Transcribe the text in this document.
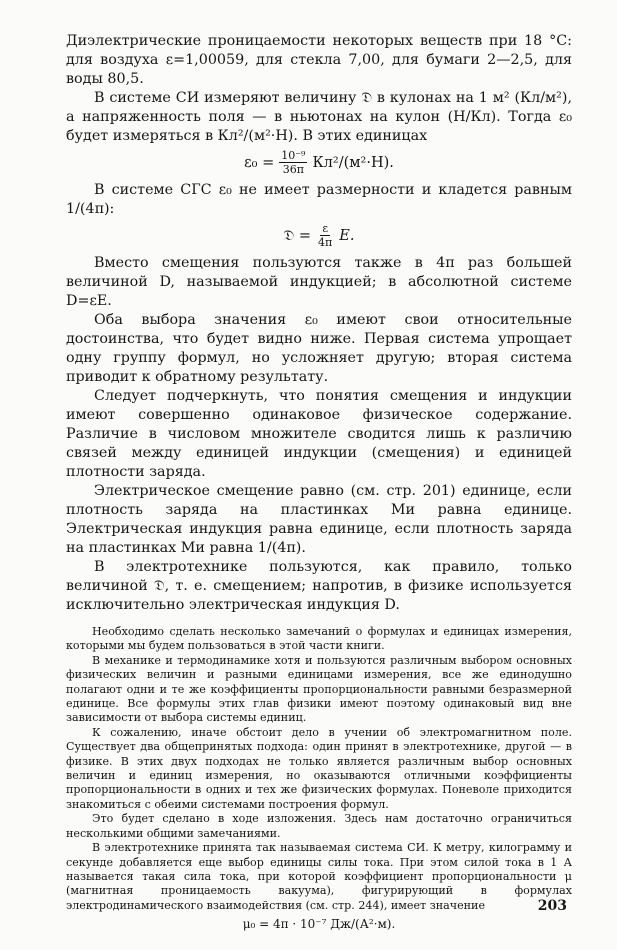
Диэлектрические проницаемости некоторых веществ при 18 °С: для воздуха ε=1,00059, для стекла 7,00, для бумаги 2—2,5, для воды 80,5.

В системе СИ измеряют величину 𝔇 в кулонах на 1 м² (Кл/м²), а напряженность поля — в ньютонах на кулон (Н/Кл). Тогда ε₀ будет измеряться в Кл²/(м²·Н). В этих единицах

$\varepsilon_0 = \frac{\text{10⁻⁹}}{36\pi} Кл^2/(м^2\cdot Н)$.

В системе СГС ε₀ не имеет размерности и кладется равным 1/(4π):

𝔇 = $\frac{\varepsilon}{4\pi} E$.

Вместо смещения пользуются также в 4π раз большей величиной D, называемой индукцией; в абсолютной системе D=εE.

Оба выбора значения ε₀ имеют свои относительные достоинства, что будет видно ниже. Первая система упрощает одну группу формул, но усложняет другую; вторая система приводит к обратному результату.

Следует подчеркнуть, что понятия смещения и индукции имеют совершенно одинаковое физическое содержание. Различие в числовом множителе сводится лишь к различию связей между единицей индукции (смещения) и единицей плотности заряда.

Электрическое смещение равно (см. стр. 201) единице, если плотность заряда на пластинках Ми равна единице. Электрическая индукция равна единице, если плотность заряда на пластинках Ми равна 1/(4π).

В электротехнике пользуются, как правило, только величиной 𝔇, т. е. смещением; напротив, в физике используется исключительно электрическая индукция D.

Необходимо сделать несколько замечаний о формулах и единицах измерения, которыми мы будем пользоваться в этой части книги.

В механике и термодинамике хотя и пользуются различным выбором основных физических величин и разными единицами измерения, все же единодушно полагают одни и те же коэффициенты пропорциональности равными безразмерной единице. Все формулы этих глав физики имеют поэтому одинаковый вид вне зависимости от выбора системы единиц.

К сожалению, иначе обстоит дело в учении об электромагнитном поле. Существует два общепринятых подхода: один принят в электротехнике, другой — в физике. В этих двух подходах не только является различным выбор основных величин и единиц измерения, но оказываются отличными коэффициенты пропорциональности в одних и тех же физических формулах. Поневоле приходится знакомиться с обеими системами построения формул.

Это будет сделано в ходе изложения. Здесь нам достаточно ограничиться несколькими общими замечаниями.

В электротехнике принята так называемая система СИ. К метру, килограмму и секунде добавляется еще выбор единицы силы тока. При этом силой тока в 1 А называется такая сила тока, при которой коэффициент пропорциональности μ (магнитная проницаемость вакуума), фигурирующий в формулах электродинамического взаимодействия (см. стр. 244), имеет значение

μ₀ = 4π · 10⁻⁷ Дж/(А²·м).
203
